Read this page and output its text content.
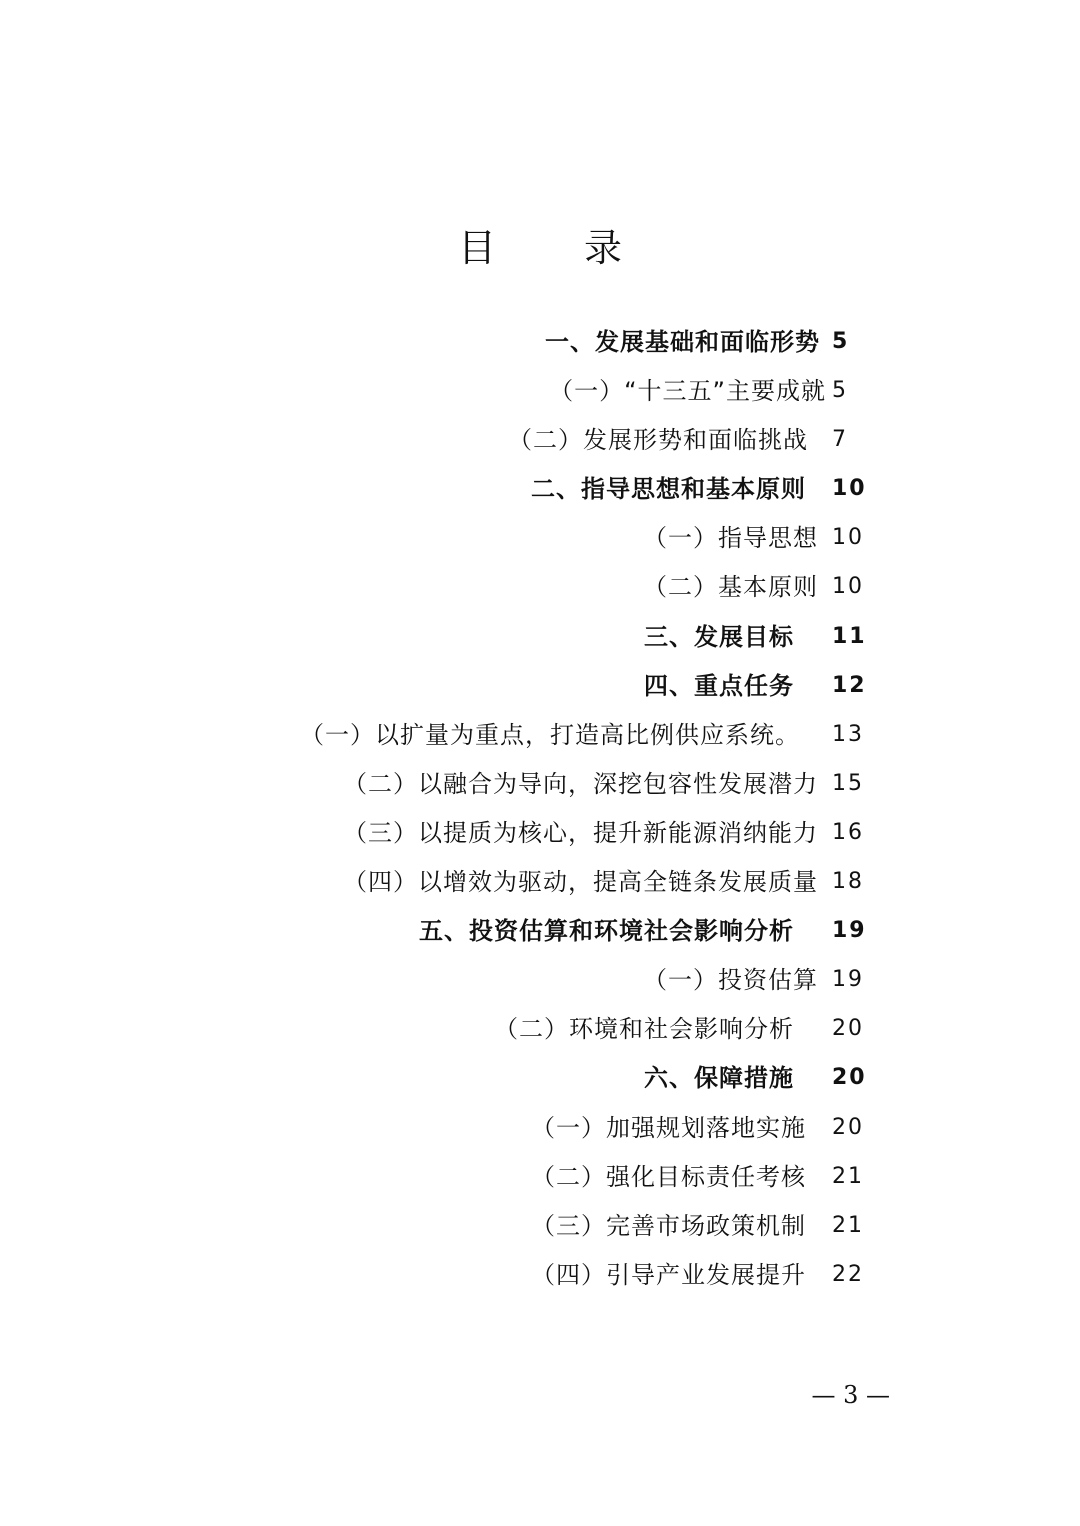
目 录
一、发展基础和面临形势 5
（一）“十三五”主要成就 5
（二）发展形势和面临挑战 7
二、指导思想和基本原则 10
（一）指导思想 10
（二）基本原则 10
三、发展目标 11
四、重点任务 12
（一）以扩量为重点，打造高比例供应系统。 13
（二）以融合为导向，深挖包容性发展潜力 15
（三）以提质为核心，提升新能源消纳能力 16
（四）以增效为驱动，提高全链条发展质量 18
五、投资估算和环境社会影响分析 19
（一）投资估算 19
（二）环境和社会影响分析 20
六、保障措施 20
（一）加强规划落地实施 20
（二）强化目标责任考核 21
（三）完善市场政策机制 21
（四）引导产业发展提升 22
— 3 —
